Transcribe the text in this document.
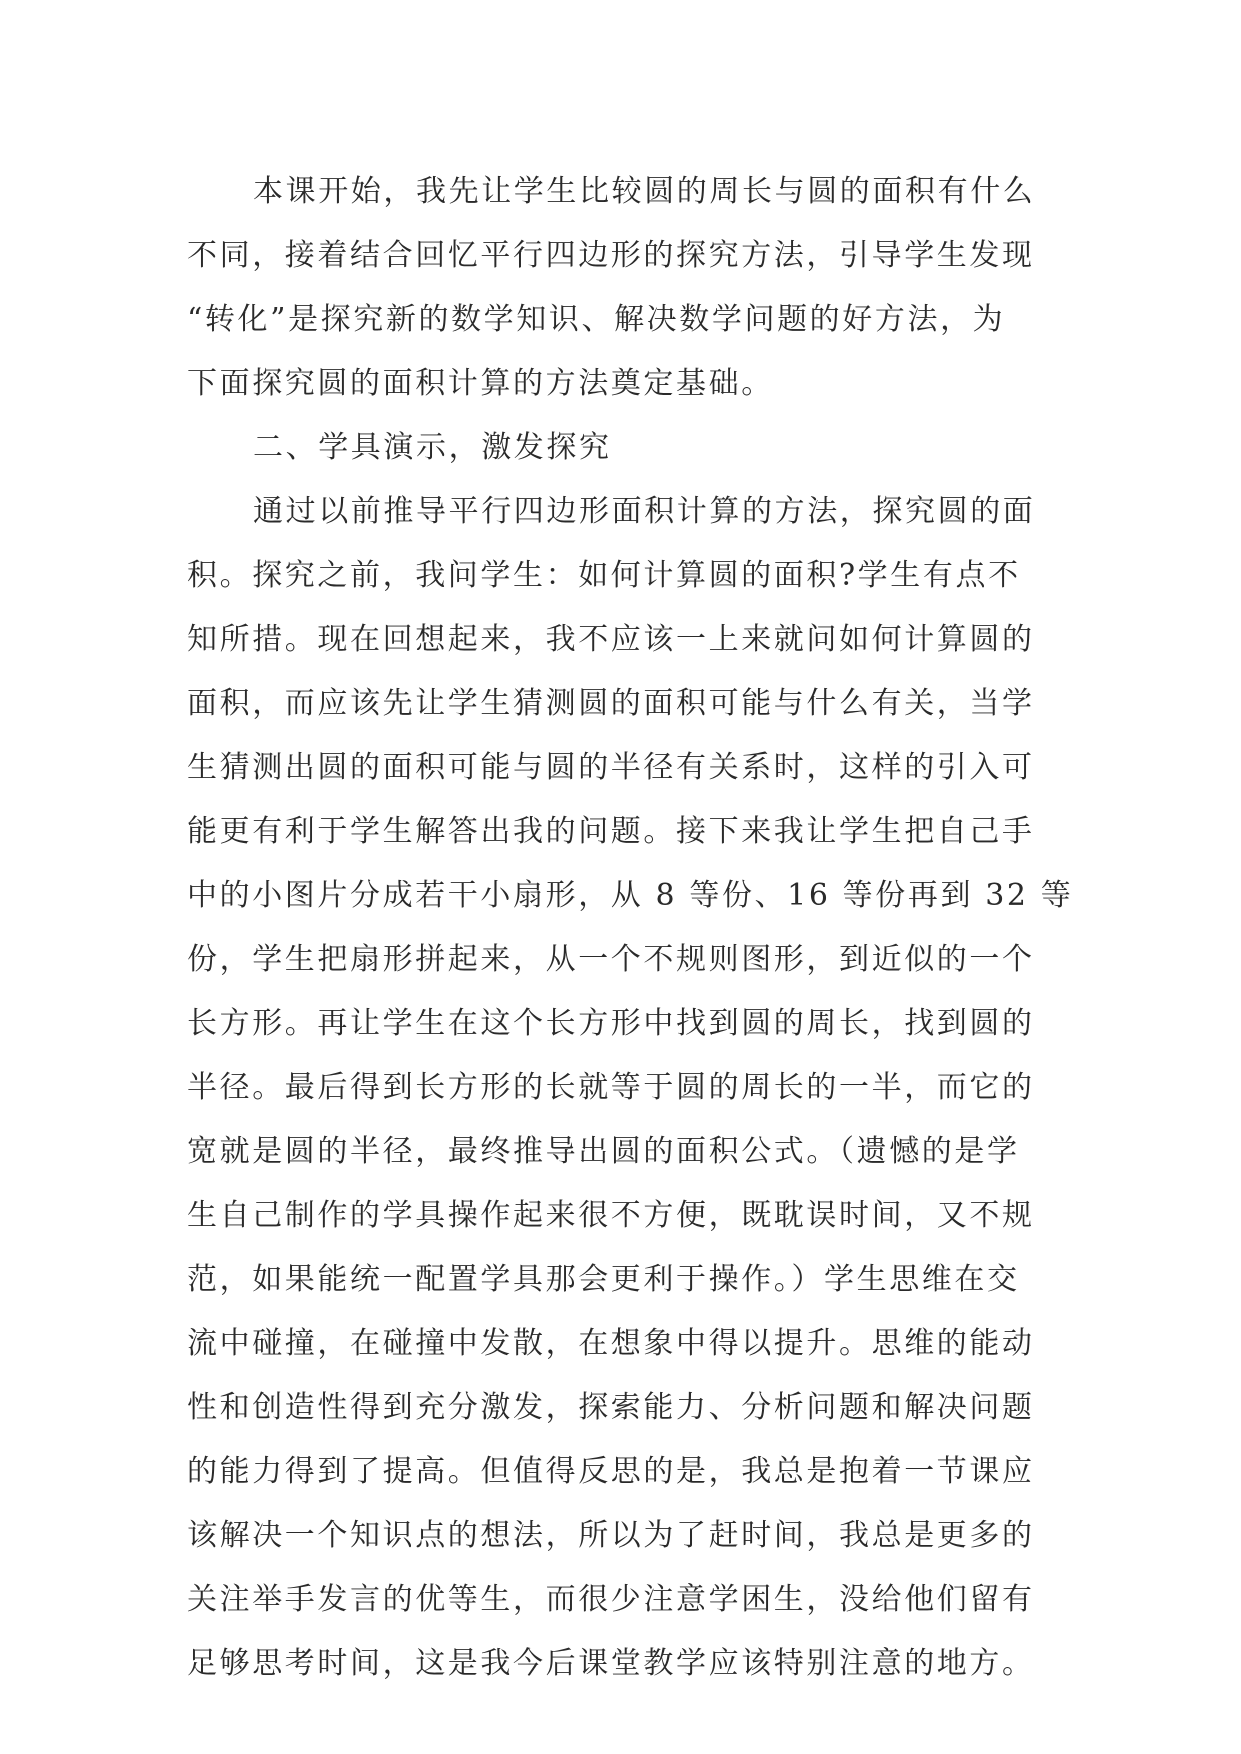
本课开始，我先让学生比较圆的周长与圆的面积有什么
不同，接着结合回忆平行四边形的探究方法，引导学生发现
“转化”是探究新的数学知识、解决数学问题的好方法，为
下面探究圆的面积计算的方法奠定基础。
二、学具演示，激发探究
通过以前推导平行四边形面积计算的方法，探究圆的面
积。探究之前，我问学生：如何计算圆的面积?学生有点不
知所措。现在回想起来，我不应该一上来就问如何计算圆的
面积，而应该先让学生猜测圆的面积可能与什么有关，当学
生猜测出圆的面积可能与圆的半径有关系时，这样的引入可
能更有利于学生解答出我的问题。接下来我让学生把自己手
中的小图片分成若干小扇形，从 8 等份、16 等份再到 32 等
份，学生把扇形拼起来，从一个不规则图形，到近似的一个
长方形。再让学生在这个长方形中找到圆的周长，找到圆的
半径。最后得到长方形的长就等于圆的周长的一半，而它的
宽就是圆的半径，最终推导出圆的面积公式。（遗憾的是学
生自己制作的学具操作起来很不方便，既耽误时间，又不规
范，如果能统一配置学具那会更利于操作。）学生思维在交
流中碰撞，在碰撞中发散，在想象中得以提升。思维的能动
性和创造性得到充分激发，探索能力、分析问题和解决问题
的能力得到了提高。但值得反思的是，我总是抱着一节课应
该解决一个知识点的想法，所以为了赶时间，我总是更多的
关注举手发言的优等生，而很少注意学困生，没给他们留有
足够思考时间，这是我今后课堂教学应该特别注意的地方。
